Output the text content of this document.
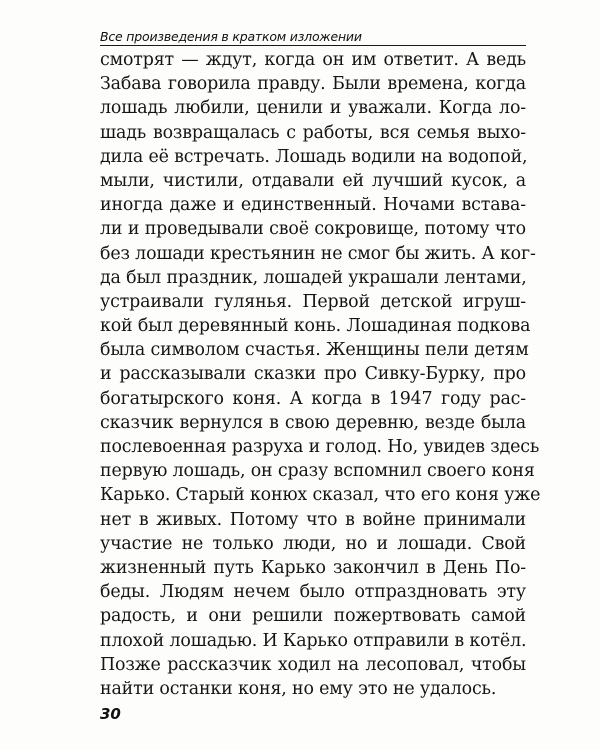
Все произведения в кратком изложении
смотрят — ждут, когда он им ответит. А ведь
Забава говорила правду. Были времена, когда
лошадь любили, ценили и уважали. Когда ло-
шадь возвращалась с работы, вся семья выхо-
дила её встречать. Лошадь водили на водопой,
мыли, чистили, отдавали ей лучший кусок, а
иногда даже и единственный. Ночами встава-
ли и проведывали своё сокровище, потому что
без лошади крестьянин не смог бы жить. А ког-
да был праздник, лошадей украшали лентами,
устраивали гулянья. Первой детской игруш-
кой был деревянный конь. Лошадиная подкова
была символом счастья. Женщины пели детям
и рассказывали сказки про Сивку-Бурку, про
богатырского коня. А когда в 1947 году рас-
сказчик вернулся в свою деревню, везде была
послевоенная разруха и голод. Но, увидев здесь
первую лошадь, он сразу вспомнил своего коня
Карько. Старый конюх сказал, что его коня уже
нет в живых. Потому что в войне принимали
участие не только люди, но и лошади. Свой
жизненный путь Карько закончил в День По-
беды. Людям нечем было отпраздновать эту
радость, и они решили пожертвовать самой
плохой лошадью. И Карько отправили в котёл.
Позже рассказчик ходил на лесоповал, чтобы
найти останки коня, но ему это не удалось.
30
